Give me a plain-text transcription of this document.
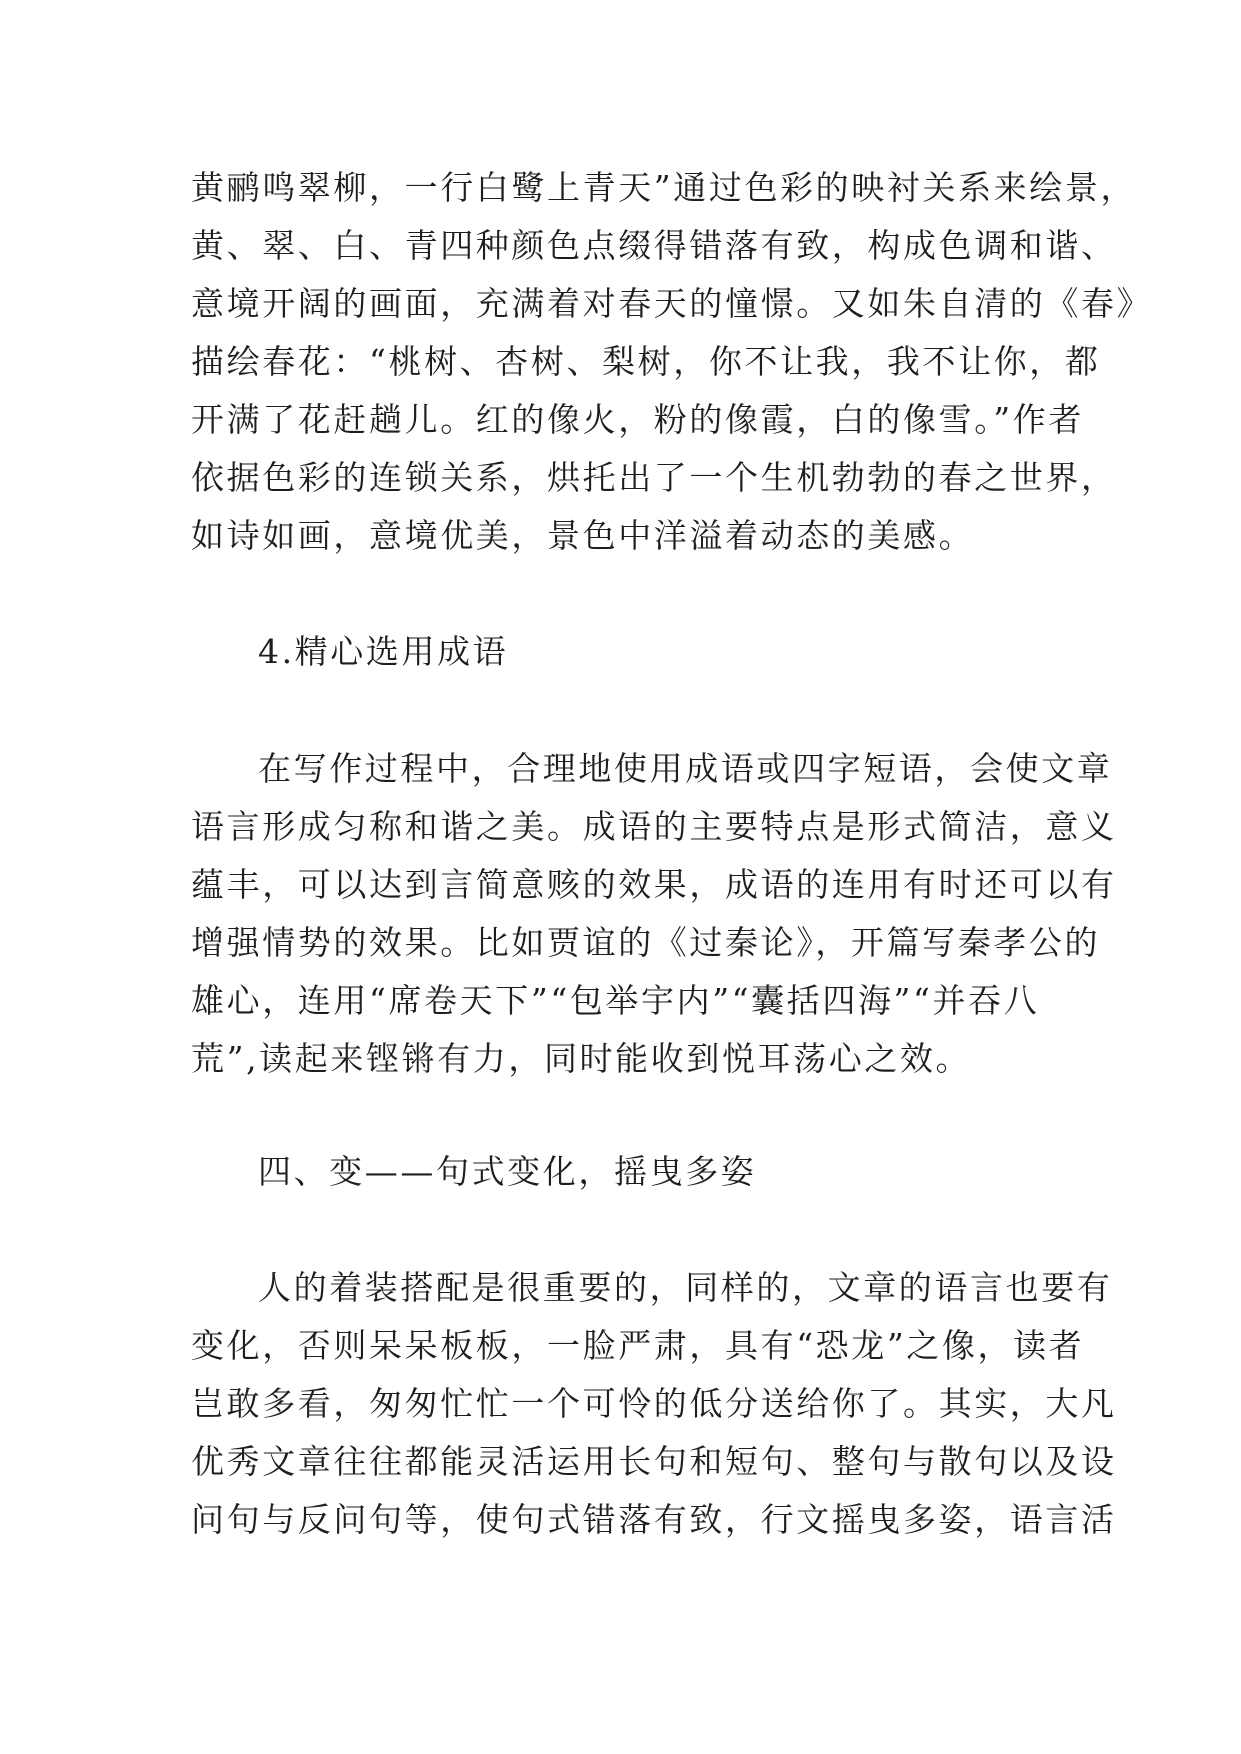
黄鹂鸣翠柳，一行白鹭上青天”通过色彩的映衬关系来绘景，
黄、翠、白、青四种颜色点缀得错落有致，构成色调和谐、
意境开阔的画面，充满着对春天的憧憬。又如朱自清的《春》
描绘春花：“桃树、杏树、梨树，你不让我，我不让你，都
开满了花赶趟儿。红的像火，粉的像霞，白的像雪。”作者
依据色彩的连锁关系，烘托出了一个生机勃勃的春之世界，
如诗如画，意境优美，景色中洋溢着动态的美感。
4.精心选用成语
在写作过程中，合理地使用成语或四字短语，会使文章
语言形成匀称和谐之美。成语的主要特点是形式简洁，意义
蕴丰，可以达到言简意赅的效果，成语的连用有时还可以有
增强情势的效果。比如贾谊的《过秦论》，开篇写秦孝公的
雄心，连用“席卷天下”“包举宇内”“囊括四海”“并吞八
荒”,读起来铿锵有力，同时能收到悦耳荡心之效。
四、变——句式变化，摇曳多姿
人的着装搭配是很重要的，同样的，文章的语言也要有
变化，否则呆呆板板，一脸严肃，具有“恐龙”之像，读者
岂敢多看，匆匆忙忙一个可怜的低分送给你了。其实，大凡
优秀文章往往都能灵活运用长句和短句、整句与散句以及设
问句与反问句等，使句式错落有致，行文摇曳多姿，语言活
